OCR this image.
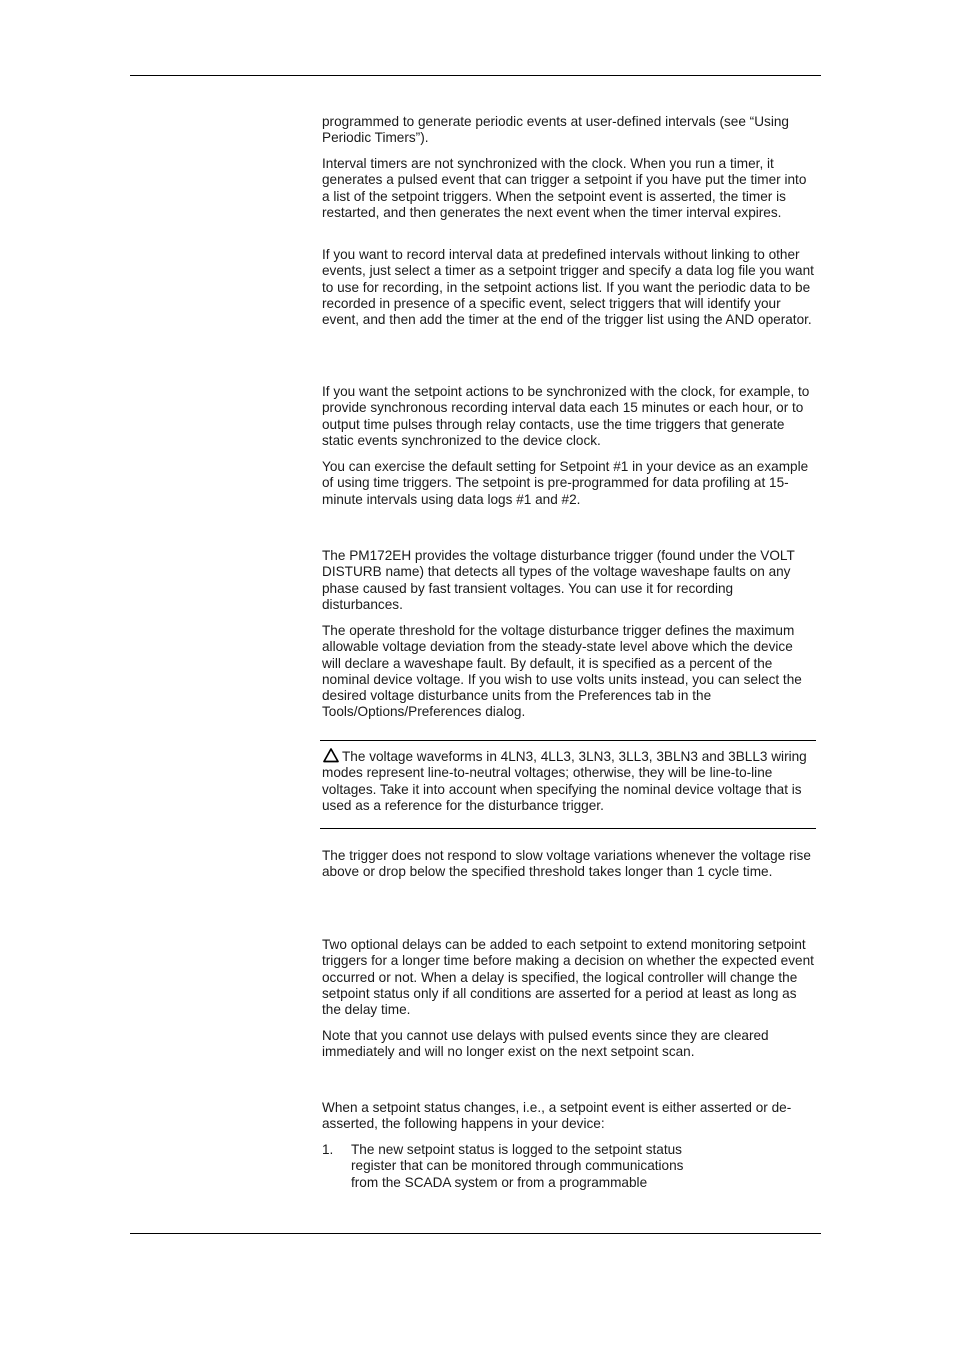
programmed to generate periodic events at user-defined intervals (see “Using Periodic Timers”).

Interval timers are not synchronized with the clock. When you run a timer, it generates a pulsed event that can trigger a setpoint if you have put the timer into a list of the setpoint triggers. When the setpoint event is asserted, the timer is restarted, and then generates the next event when the timer interval expires.

If you want to record interval data at predefined intervals without linking to other events, just select a timer as a setpoint trigger and specify a data log file you want to use for recording, in the setpoint actions list. If you want the periodic data to be recorded in presence of a specific event, select triggers that will identify your event, and then add the timer at the end of the trigger list using the AND operator.

If you want the setpoint actions to be synchronized with the clock, for example, to provide synchronous recording interval data each 15 minutes or each hour, or to output time pulses through relay contacts, use the time triggers that generate static events synchronized to the device clock.

You can exercise the default setting for Setpoint #1 in your device as an example of using time triggers. The setpoint is pre-programmed for data profiling at 15-minute intervals using data logs #1 and #2.

The PM172EH provides the voltage disturbance trigger (found under the VOLT DISTURB name) that detects all types of the voltage waveshape faults on any phase caused by fast transient voltages. You can use it for recording disturbances.

The operate threshold for the voltage disturbance trigger defines the maximum allowable voltage deviation from the steady-state level above which the device will declare a waveshape fault. By default, it is specified as a percent of the nominal device voltage. If you wish to use volts units instead, you can select the desired voltage disturbance units from the Preferences tab in the Tools/Options/Preferences dialog.

The voltage waveforms in 4LN3, 4LL3, 3LN3, 3LL3, 3BLN3 and 3BLL3 wiring modes represent line-to-neutral voltages; otherwise, they will be line-to-line voltages. Take it into account when specifying the nominal device voltage that is used as a reference for the disturbance trigger.

The trigger does not respond to slow voltage variations whenever the voltage rise above or drop below the specified threshold takes longer than 1 cycle time.

Two optional delays can be added to each setpoint to extend monitoring setpoint triggers for a longer time before making a decision on whether the expected event occurred or not. When a delay is specified, the logical controller will change the setpoint status only if all conditions are asserted for a period at least as long as the delay time.

Note that you cannot use delays with pulsed events since they are cleared immediately and will no longer exist on the next setpoint scan.

When a setpoint status changes, i.e., a setpoint event is either asserted or de-asserted, the following happens in your device:

1. The new setpoint status is logged to the setpoint status register that can be monitored through communications from the SCADA system or from a programmable
